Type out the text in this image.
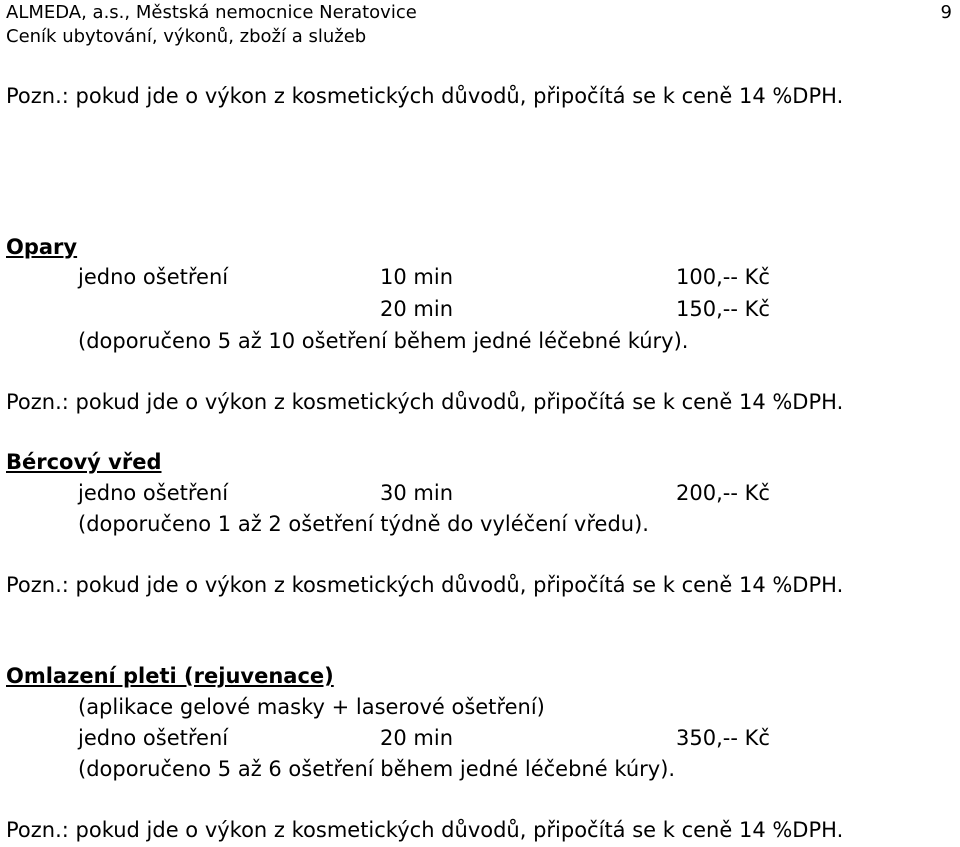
ALMEDA, a.s., Městská nemocnice Neratovice
Ceník ubytování, výkonů, zboží a služeb
9
Pozn.: pokud jde o výkon z kosmetických důvodů, připočítá se k ceně 14 %DPH.
Opary
jedno ošetření	10 min	100,-- Kč
20 min	150,-- Kč
(doporučeno 5 až 10 ošetření během jedné léčebné kúry).
Pozn.: pokud jde o výkon z kosmetických důvodů, připočítá se k ceně 14 %DPH.
Bércový vřed
jedno ošetření	30 min	200,-- Kč
(doporučeno 1 až 2 ošetření týdně do vyléčení vředu).
Pozn.: pokud jde o výkon z kosmetických důvodů, připočítá se k ceně 14 %DPH.
Omlazení pleti (rejuvenace)
(aplikace gelové masky + laserové ošetření)
jedno ošetření	20 min	350,-- Kč
(doporučeno 5 až 6 ošetření během jedné léčebné kúry).
Pozn.: pokud jde o výkon z kosmetických důvodů, připočítá se k ceně 14 %DPH.
